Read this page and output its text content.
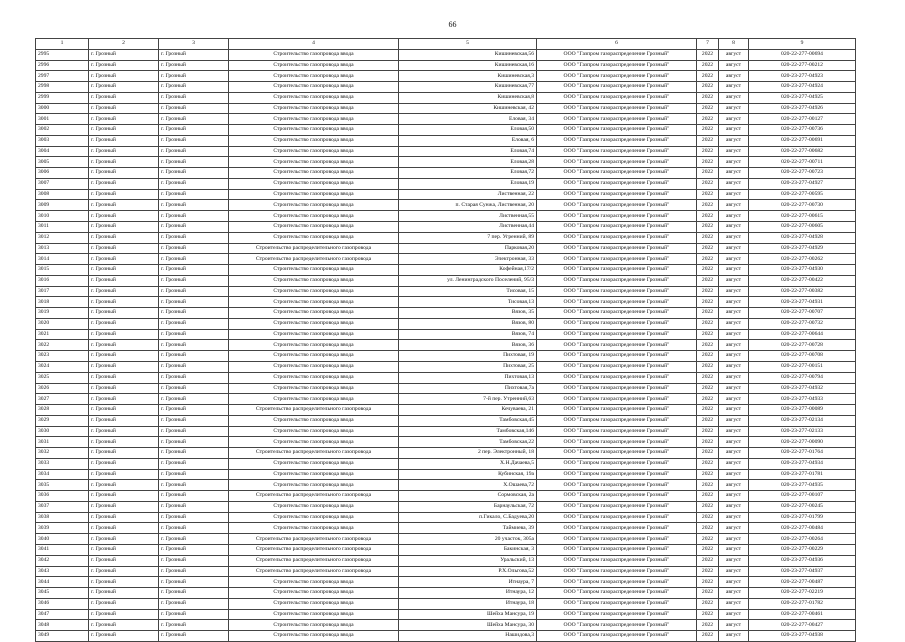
66
1	2	3	4	5	6	7	8	9
2995	г. Грозный	г. Грозный	Строительство газопровода ввода	Кишиневская,56	ООО "Газпром газораспределение Грозный"	2022	август	020-22-277-00694
2996	г. Грозный	г. Грозный	Строительство газопровода ввода	Кишиневская,16	ООО "Газпром газораспределение Грозный"	2022	август	020-22-277-00212
2997	г. Грозный	г. Грозный	Строительство газопровода ввода	Кишиневская,3	ООО "Газпром газораспределение Грозный"	2022	август	020-23-277-04923
2998	г. Грозный	г. Грозный	Строительство газопровода ввода	Кишиневская,77	ООО "Газпром газораспределение Грозный"	2022	август	020-23-277-04924
2999	г. Грозный	г. Грозный	Строительство газопровода ввода	Кишиневская,8	ООО "Газпром газораспределение Грозный"	2022	август	020-23-277-04925
3000	г. Грозный	г. Грозный	Строительство газопровода ввода	Кишиневская, 42	ООО "Газпром газораспределение Грозный"	2022	август	020-23-277-04926
3001	г. Грозный	г. Грозный	Строительство газопровода ввода	Еловая, 34	ООО "Газпром газораспределение Грозный"	2022	август	020-22-277-00127
3002	г. Грозный	г. Грозный	Строительство газопровода ввода	Еловая,50	ООО "Газпром газораспределение Грозный"	2022	август	020-22-277-00736
3003	г. Грозный	г. Грозный	Строительство газопровода ввода	Еловая, 6	ООО "Газпром газораспределение Грозный"	2022	август	020-22-277-00691
3004	г. Грозный	г. Грозный	Строительство газопровода ввода	Еловая,74	ООО "Газпром газораспределение Грозный"	2022	август	020-22-277-00682
3005	г. Грозный	г. Грозный	Строительство газопровода ввода	Еловая,28	ООО "Газпром газораспределение Грозный"	2022	август	020-22-277-00711
3006	г. Грозный	г. Грозный	Строительство газопровода ввода	Еловая,72	ООО "Газпром газораспределение Грозный"	2022	август	020-22-277-00723
3007	г. Грозный	г. Грозный	Строительство газопровода ввода	Еловая,19	ООО "Газпром газораспределение Грозный"	2022	август	020-23-277-04927
3008	г. Грозный	г. Грозный	Строительство газопровода ввода	Лиственная, 22	ООО "Газпром газораспределение Грозный"	2022	август	020-22-277-00595
3009	г. Грозный	г. Грозный	Строительство газопровода ввода	п. Старая Сунжа, Лиственная, 20	ООО "Газпром газораспределение Грозный"	2022	август	020-22-277-00730
3010	г. Грозный	г. Грозный	Строительство газопровода ввода	Лиственная,55	ООО "Газпром газораспределение Грозный"	2022	август	020-22-277-00615
3011	г. Грозный	г. Грозный	Строительство газопровода ввода	Лиственная,44	ООО "Газпром газораспределение Грозный"	2022	август	020-22-277-00605
3012	г. Грозный	г. Грозный	Строительство газопровода ввода	7 пер. Угренний, 89	ООО "Газпром газораспределение Грозный"	2022	август	020-23-277-04928
3013	г. Грозный	г. Грозный	Строительство распределительного газопровода	Парковая,20	ООО "Газпром газораспределение Грозный"	2022	август	020-23-277-04929
3014	г. Грозный	г. Грозный	Строительство распределительного газопровода	Электронная, 33	ООО "Газпром газораспределение Грозный"	2022	август	020-22-277-00262
3015	г. Грозный	г. Грозный	Строительство газопровода ввода	Кофейная,17/2	ООО "Газпром газораспределение Грозный"	2022	август	020-23-277-04930
3016	г. Грозный	г. Грозный	Строительство газопровода ввода	ул. Ленинградского Поселений, 95/3	ООО "Газпром газораспределение Грозный"	2022	август	020-22-277-00422
3017	г. Грозный	г. Грозный	Строительство газопровода ввода	Тисовая, 15	ООО "Газпром газораспределение Грозный"	2022	август	020-22-277-00382
3018	г. Грозный	г. Грозный	Строительство газопровода ввода	Тисовая,13	ООО "Газпром газораспределение Грозный"	2022	август	020-23-277-04931
3019	г. Грозный	г. Грозный	Строительство газопровода ввода	Вязов, 35	ООО "Газпром газораспределение Грозный"	2022	август	020-22-277-00707
3020	г. Грозный	г. Грозный	Строительство газопровода ввода	Вязов, 80	ООО "Газпром газораспределение Грозный"	2022	август	020-22-277-00732
3021	г. Грозный	г. Грозный	Строительство газопровода ввода	Вязов, 74	ООО "Газпром газораспределение Грозный"	2022	август	020-22-277-00644
3022	г. Грозный	г. Грозный	Строительство газопровода ввода	Вязов, 36	ООО "Газпром газораспределение Грозный"	2022	август	020-22-277-00728
3023	г. Грозный	г. Грозный	Строительство газопровода ввода	Пихтовая, 19	ООО "Газпром газораспределение Грозный"	2022	август	020-22-277-00708
3024	г. Грозный	г. Грозный	Строительство газопровода ввода	Пихтовая, 25	ООО "Газпром газораспределение Грозный"	2022	август	020-22-277-00151
3025	г. Грозный	г. Грозный	Строительство газопровода ввода	Пихтовая,13	ООО "Газпром газораспределение Грозный"	2022	август	020-22-277-00794
3026	г. Грозный	г. Грозный	Строительство газопровода ввода	Пихтовая,7а	ООО "Газпром газораспределение Грозный"	2022	август	020-23-277-04932
3027	г. Грозный	г. Грозный	Строительство газопровода ввода	7-й пер. Утренний,63	ООО "Газпром газораспределение Грозный"	2022	август	020-23-277-04933
3028	г. Грозный	г. Грозный	Строительство распределительного газопровода	Кечуваева, 21	ООО "Газпром газораспределение Грозный"	2022	август	020-23-277-00089
3029	г. Грозный	г. Грозный	Строительство газопровода ввода	Тамбовская,45	ООО "Газпром газораспределение Грозный"	2022	август	020-23-277-02134
3030	г. Грозный	г. Грозный	Строительство газопровода ввода	Тамбовская,146	ООО "Газпром газораспределение Грозный"	2022	август	020-23-277-02133
3031	г. Грозный	г. Грозный	Строительство газопровода ввода	Тамбовская,22	ООО "Газпром газораспределение Грозный"	2022	август	020-22-277-00090
3032	г. Грозный	г. Грозный	Строительство распределительного газопровода	2 пер. Электронный, 18	ООО "Газпром газораспределение Грозный"	2022	август	020-22-277-01764
3033	г. Грозный	г. Грозный	Строительство газопровода ввода	Х.Н.Дачаева,5	ООО "Газпром газораспределение Грозный"	2022	август	020-23-277-04934
3034	г. Грозный	г. Грозный	Строительство газопровода ввода	Кубинская, 19а	ООО "Газпром газораспределение Грозный"	2022	август	020-23-277-01781
3035	г. Грозный	г. Грозный	Строительство газопровода ввода	Х.Ошаева,72	ООО "Газпром газораспределение Грозный"	2022	август	020-23-277-04935
3036	г. Грозный	г. Грозный	Строительство распределительного газопровода	Сормовская, 2а	ООО "Газпром газораспределение Грозный"	2022	август	020-22-277-00107
3037	г. Грозный	г. Грозный	Строительство газопровода ввода	Барнаульская, 72	ООО "Газпром газораспределение Грозный"	2022	август	020-22-277-00245
3038	г. Грозный	г. Грозный	Строительство газопровода ввода	п.Гикало, С.Бадуева,20	ООО "Газпром газораспределение Грозный"	2022	август	020-23-277-01799
3039	г. Грозный	г. Грозный	Строительство газопровода ввода	Таймиева, 39	ООО "Газпром газораспределение Грозный"	2022	август	020-22-277-00484
3040	г. Грозный	г. Грозный	Строительство распределительного газопровода	20 участок, 305а	ООО "Газпром газораспределение Грозный"	2022	август	020-22-277-00264
3041	г. Грозный	г. Грозный	Строительство распределительного газопровода	Бакинская, 3	ООО "Газпром газораспределение Грозный"	2022	август	020-22-277-00229
3042	г. Грозный	г. Грозный	Строительство распределительного газопровода	Уральский, 13	ООО "Газпром газораспределение Грозный"	2022	август	020-23-277-04936
3043	г. Грозный	г. Грозный	Строительство распределительного газопровода	Р.Х.Ольгова,52	ООО "Газпром газораспределение Грозный"	2022	август	020-23-277-04937
3044	г. Грозный	г. Грозный	Строительство газопровода ввода	Итнаура, 7	ООО "Газпром газораспределение Грозный"	2022	август	020-22-277-00487
3045	г. Грозный	г. Грозный	Строительство газопровода ввода	Итнаура, 12	ООО "Газпром газораспределение Грозный"	2022	август	020-22-277-02219
3046	г. Грозный	г. Грозный	Строительство газопровода ввода	Итнаура, 18	ООО "Газпром газораспределение Грозный"	2022	август	020-22-277-01782
3047	г. Грозный	г. Грозный	Строительство газопровода ввода	Шейха Мансура, 19	ООО "Газпром газораспределение Грозный"	2022	август	020-22-277-00461
3048	г. Грозный	г. Грозный	Строительство газопровода ввода	Шейха Мансура, 30	ООО "Газпром газораспределение Грозный"	2022	август	020-22-277-00427
3049	г. Грозный	г. Грозный	Строительство газопровода ввода	Нашидова,3	ООО "Газпром газораспределение Грозный"	2022	август	020-23-277-04938
